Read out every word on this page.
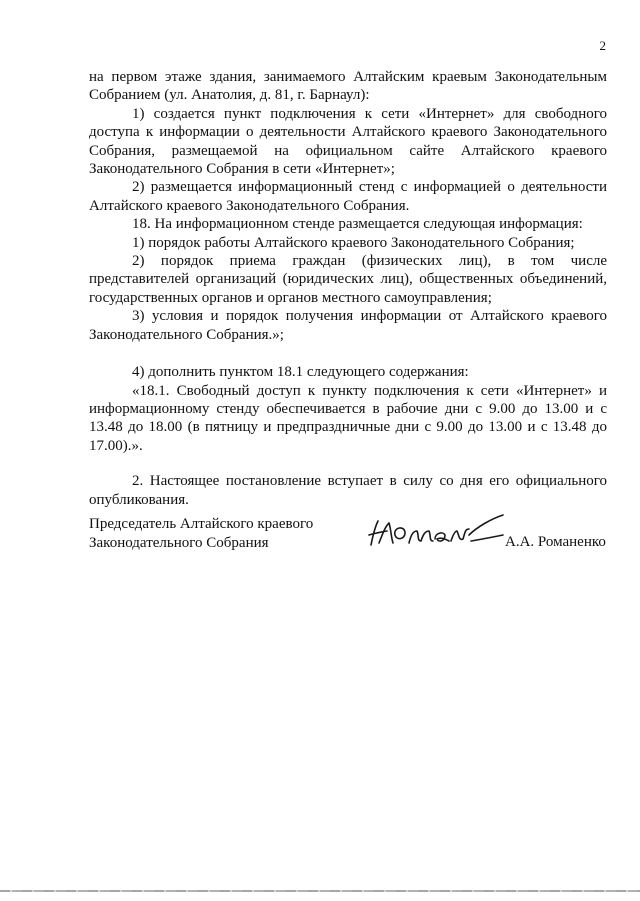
2

на первом этаже здания, занимаемого Алтайским краевым Законодательным Собранием (ул. Анатолия, д. 81, г. Барнаул):

1) создается пункт подключения к сети «Интернет» для свободного доступа к информации о деятельности Алтайского краевого Законодательного Собрания, размещаемой на официальном сайте Алтайского краевого Законодательного Собрания в сети «Интернет»;

2) размещается информационный стенд с информацией о деятельности Алтайского краевого Законодательного Собрания.

18. На информационном стенде размещается следующая информация:

1) порядок работы Алтайского краевого Законодательного Собрания;

2) порядок приема граждан (физических лиц), в том числе представителей организаций (юридических лиц), общественных объединений, государственных органов и органов местного самоуправления;

3) условия и порядок получения информации от Алтайского краевого Законодательного Собрания.»;

4) дополнить пунктом 18.1 следующего содержания:

«18.1. Свободный доступ к пункту подключения к сети «Интернет» и информационному стенду обеспечивается в рабочие дни с 9.00 до 13.00 и с 13.48 до 18.00 (в пятницу и предпраздничные дни с 9.00 до 13.00 и с 13.48 до 17.00).».

2. Настоящее постановление вступает в силу со дня его официального опубликования.

Председатель Алтайского краевого
Законодательного Собрания	А.А. Романенко
